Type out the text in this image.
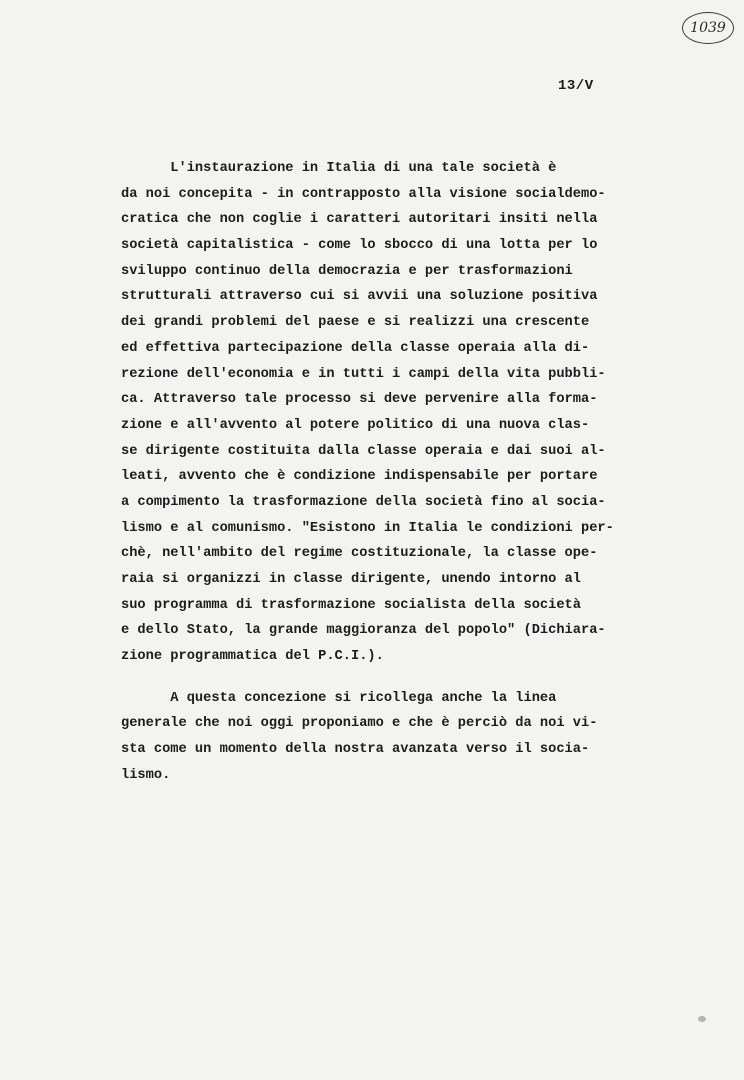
1039
13/V

L'instaurazione in Italia di una tale società è
da noi concepita - in contrapposto alla visione socialdemo-
cratica che non coglie i caratteri autoritari insiti nella
società capitalistica - come lo sbocco di una lotta per lo
sviluppo continuo della democrazia e per trasformazioni
strutturali attraverso cui si avvii una soluzione positiva
dei grandi problemi del paese e si realizzi una crescente
ed effettiva partecipazione della classe operaia alla di-
rezione dell'economia e in tutti i campi della vita pubbli-
ca. Attraverso tale processo si deve pervenire alla forma-
zione e all'avvento al potere politico di una nuova clas-
se dirigente costituita dalla classe operaia e dai suoi al-
leati, avvento che è condizione indispensabile per portare
a compimento la trasformazione della società fino al socia-
lismo e al comunismo. "Esistono in Italia le condizioni per-
chè, nell'ambito del regime costituzionale, la classe ope-
raia si organizzi in classe dirigente, unendo intorno al
suo programma di trasformazione socialista della società
e dello Stato, la grande maggioranza del popolo" (Dichiara-
zione programmatica del P.C.I.).

A questa concezione si ricollega anche la linea
generale che noi oggi proponiamo e che è perciò da noi vi-
sta come un momento della nostra avanzata verso il socia-
lismo.
